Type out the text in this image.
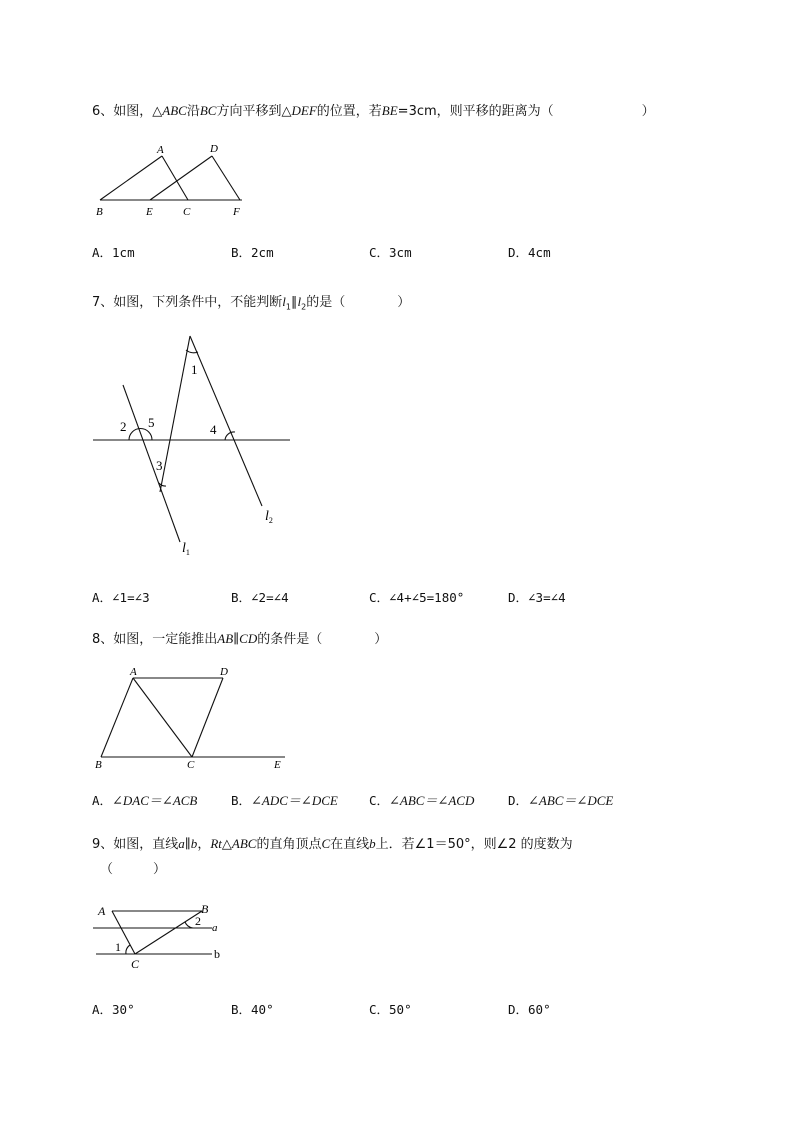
6、如图，△ABC沿BC方向平移到△DEF的位置，若BE=3cm，则平移的距离为（	）
A	D
B	E	C	F
A．1cm	B．2cm	C．3cm	D．4cm
7、如图，下列条件中，不能判断$l_1\parallel l_2$的是（	）
1
2 5	4
3
$l_1$
$l_2$
A．∠1=∠3	B．∠2=∠4	C．∠4+∠5=180°	D．∠3=∠4
8、如图，一定能推出AB∥CD的条件是（	）
A	D
B	C	E
A．∠DAC＝∠ACB	B．∠ADC＝∠DCE C．∠ABC＝∠ACD	D．∠ABC＝∠DCE
9、如图，直线a∥b，Rt△ABC的直角顶点C在直线b上．若∠1＝50°，则∠2 的度数为
（	）
A	B
2 a
1	b
C
A．30°	B．40°	C．50°	D．60°
